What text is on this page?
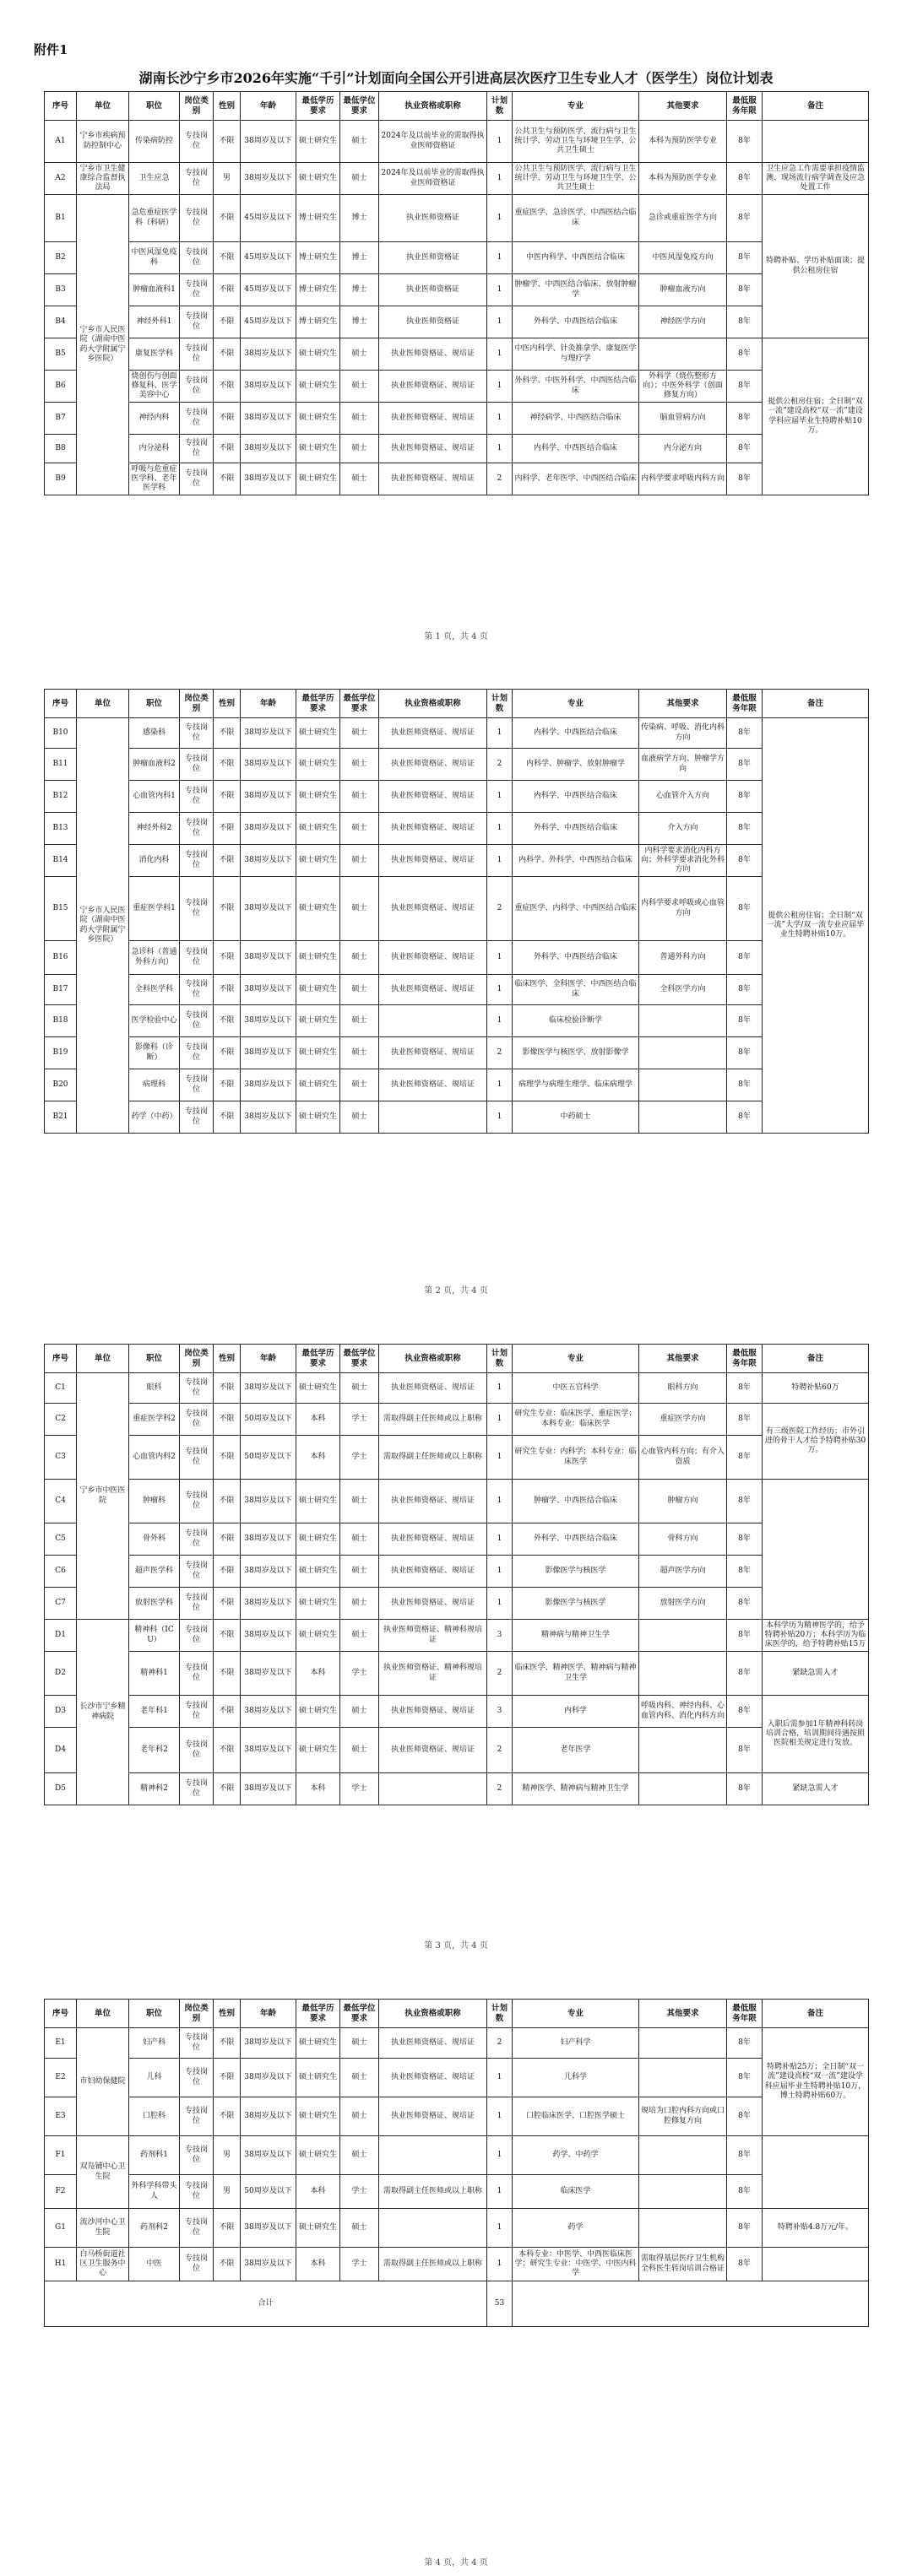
附件1
湖南长沙宁乡市2026年实施“千引”计划面向全国公开引进高层次医疗卫生专业人才（医学生）岗位计划表
序号	单位	职位	岗位类别	性别	年龄	最低学历要求	最低学位要求	执业资格或职称	计划数	专业	其他要求	最低服务年限	备注
A1	宁乡市疾病预防控制中心	传染病防控	专技岗位	不限	38周岁及以下	硕士研究生	硕士	2024年及以前毕业的需取得执业医师资格证	1	公共卫生与预防医学、流行病与卫生统计学、劳动卫生与环境卫生学、公共卫生硕士	本科为预防医学专业	8年	
A2	宁乡市卫生健康综合监督执法局	卫生应急	专技岗位	男	38周岁及以下	硕士研究生	硕士	2024年及以前毕业的需取得执业医师资格证	1	公共卫生与预防医学、流行病与卫生统计学、劳动卫生与环境卫生学、公共卫生硕士	本科为预防医学专业	8年	卫生应急工作需要承担疫情监测、现场流行病学调查及应急处置工作
B1	宁乡市人民医院（湖南中医药大学附属宁乡医院）	急危重症医学科（科研）	专技岗位	不限	45周岁及以下	博士研究生	博士	执业医师资格证	1	重症医学、急诊医学、中西医结合临床	急诊或重症医学方向	8年	特聘补贴、学历补贴面谈；提供公租房住宿
B2		中医风湿免疫科	专技岗位	不限	45周岁及以下	博士研究生	博士	执业医师资格证	1	中医内科学、中西医结合临床	中医风湿免疫方向	8年	
B3		肿瘤血液科1	专技岗位	不限	45周岁及以下	博士研究生	博士	执业医师资格证	1	肿瘤学、中西医结合临床、放射肿瘤学	肿瘤血液方向	8年	
B4		神经外科1	专技岗位	不限	45周岁及以下	博士研究生	博士	执业医师资格证	1	外科学、中西医结合临床	神经医学方向	8年	
B5		康复医学科	专技岗位	不限	38周岁及以下	硕士研究生	硕士	执业医师资格证、规培证	1	中医内科学、针灸推拿学、康复医学与理疗学		8年	提供公租房住宿；全日制“双一流”建设高校“双一流”建设学科应届毕业生特聘补贴10万。
B6		烧创伤与创面修复科、医学美容中心	专技岗位	不限	38周岁及以下	硕士研究生	硕士	执业医师资格证、规培证	1	外科学、中医外科学、中西医结合临床	外科学（烧伤整形方向）；中医外科学（创面修复方向）	8年	
B7		神经内科	专技岗位	不限	38周岁及以下	硕士研究生	硕士	执业医师资格证、规培证	1	神经病学、中西医结合临床	脑血管病方向	8年	
B8		内分泌科	专技岗位	不限	38周岁及以下	硕士研究生	硕士	执业医师资格证、规培证	1	内科学、中西医结合临床	内分泌方向	8年	
B9		呼吸与危重症医学科、老年医学科	专技岗位	不限	38周岁及以下	硕士研究生	硕士	执业医师资格证、规培证	2	内科学、老年医学、中西医结合临床	内科学要求呼吸内科方向	8年	
第 1 页，共 4 页
序号	单位	职位	岗位类别	性别	年龄	最低学历要求	最低学位要求	执业资格或职称	计划数	专业	其他要求	最低服务年限	备注
B10	宁乡市人民医院（湖南中医药大学附属宁乡医院）	感染科	专技岗位	不限	38周岁及以下	硕士研究生	硕士	执业医师资格证、规培证	1	内科学、中西医结合临床	传染病、呼吸、消化内科方向	8年	提供公租房住宿；全日制“双一流”大学/双一流专业应届毕业生特聘补贴10万。
B11		肿瘤血液科2	专技岗位	不限	38周岁及以下	硕士研究生	硕士	执业医师资格证、规培证	2	内科学、肿瘤学、放射肿瘤学	血液病学方向、肿瘤学方向	8年	
B12		心血管内科1	专技岗位	不限	38周岁及以下	硕士研究生	硕士	执业医师资格证、规培证	1	内科学、中西医结合临床	心血管介入方向	8年	
B13		神经外科2	专技岗位	不限	38周岁及以下	硕士研究生	硕士	执业医师资格证、规培证	1	外科学、中西医结合临床	介入方向	8年	
B14		消化内科	专技岗位	不限	38周岁及以下	硕士研究生	硕士	执业医师资格证、规培证	1	内科学、外科学、中西医结合临床	内科学要求消化内科方向；外科学要求消化外科方向	8年	
B15		重症医学科1	专技岗位	不限	38周岁及以下	硕士研究生	硕士	执业医师资格证、规培证	2	重症医学、内科学、中西医结合临床	内科学要求呼吸或心血管方向	8年	
B16		急诊科（普通外科方向）	专技岗位	不限	38周岁及以下	硕士研究生	硕士	执业医师资格证、规培证	1	外科学、中西医结合临床	普通外科方向	8年	
B17		全科医学科	专技岗位	不限	38周岁及以下	硕士研究生	硕士	执业医师资格证、规培证	1	临床医学、全科医学、中西医结合临床	全科医学方向	8年	
B18		医学检验中心	专技岗位	不限	38周岁及以下	硕士研究生	硕士		1	临床检验诊断学		8年	
B19		影像科（诊断）	专技岗位	不限	38周岁及以下	硕士研究生	硕士	执业医师资格证、规培证	2	影像医学与核医学、放射影像学		8年	
B20		病理科	专技岗位	不限	38周岁及以下	硕士研究生	硕士	执业医师资格证、规培证	1	病理学与病理生理学、临床病理学		8年	
B21		药学（中药）	专技岗位	不限	38周岁及以下	硕士研究生	硕士		1	中药硕士		8年	
第 2 页，共 4 页
序号	单位	职位	岗位类别	性别	年龄	最低学历要求	最低学位要求	执业资格或职称	计划数	专业	其他要求	最低服务年限	备注
C1	宁乡市中医医院	眼科	专技岗位	不限	38周岁及以下	硕士研究生	硕士	执业医师资格证、规培证	1	中医五官科学	眼科方向	8年	特聘补贴60万
C2		重症医学科2	专技岗位	不限	50周岁及以下	本科	学士	需取得副主任医师或以上职称	1	研究生专业：临床医学、重症医学；本科专业：临床医学	重症医学方向	8年	有三级医院工作经历；市外引进的骨干人才给予特聘补贴30万。
C3		心血管内科2	专技岗位	不限	50周岁及以下	本科	学士	需取得副主任医师或以上职称	1	研究生专业：内科学；本科专业：临床医学	心血管内科方向；有介入资质	8年	
C4		肿瘤科	专技岗位	不限	38周岁及以下	硕士研究生	硕士	执业医师资格证、规培证	1	肿瘤学、中西医结合临床	肿瘤方向	8年	
C5		骨外科	专技岗位	不限	38周岁及以下	硕士研究生	硕士	执业医师资格证、规培证	1	外科学、中西医结合临床	骨科方向	8年	
C6		超声医学科	专技岗位	不限	38周岁及以下	硕士研究生	硕士	执业医师资格证、规培证	1	影像医学与核医学	超声医学方向	8年	
C7		放射医学科	专技岗位	不限	38周岁及以下	硕士研究生	硕士	执业医师资格证、规培证	1	影像医学与核医学	放射医学方向	8年	
D1	长沙市宁乡精神病院	精神科（ICU）	专技岗位	不限	38周岁及以下	硕士研究生	硕士	执业医师资格证、精神科规培证	3	精神病与精神卫生学		8年	本科学历为精神医学的，给予特聘补贴20万；本科学历为临床医学的，给予特聘补贴15万
D2		精神科1	专技岗位	不限	38周岁及以下	本科	学士	执业医师资格证、精神科规培证	2	临床医学、精神医学、精神病与精神卫生学		8年	紧缺急需人才
D3		老年科1	专技岗位	不限	38周岁及以下	硕士研究生	硕士	执业医师资格证、规培证	3	内科学	呼吸内科、神经内科、心血管内科、消化内科方向	8年	入职后需参加1年精神科转岗培训合格，培训期间待遇按照医院相关规定进行发放。
D4		老年科2	专技岗位	不限	38周岁及以下	硕士研究生	硕士	执业医师资格证、规培证	2	老年医学		8年	
D5		精神科2	专技岗位	不限	38周岁及以下	本科	学士		2	精神医学、精神病与精神卫生学		8年	紧缺急需人才
第 3 页，共 4 页
序号	单位	职位	岗位类别	性别	年龄	最低学历要求	最低学位要求	执业资格或职称	计划数	专业	其他要求	最低服务年限	备注
E1	市妇幼保健院	妇产科	专技岗位	不限	38周岁及以下	硕士研究生	硕士	执业医师资格证、规培证	2	妇产科学		8年	特聘补贴25万；全日制“双一流”建设高校“双一流”建设学科应届毕业生特聘补贴10万，博士特聘补贴60万。
E2		儿科	专技岗位	不限	38周岁及以下	硕士研究生	硕士	执业医师资格证、规培证	1	儿科学		8年	
E3		口腔科	专技岗位	不限	38周岁及以下	硕士研究生	硕士	执业医师资格证、规培证	1	口腔临床医学、口腔医学硕士	规培为口腔内科方向或口腔修复方向	8年	
F1	双凫铺中心卫生院	药剂科1	专技岗位	男	38周岁及以下	硕士研究生	硕士		1	药学、中药学		8年	
F2		外科学科带头人	专技岗位	男	50周岁及以下	本科	学士	需取得副主任医师或以上职称	1	临床医学		8年	
G1	流沙河中心卫生院	药剂科2	专技岗位	不限	38周岁及以下	硕士研究生	硕士		1	药学		8年	特聘补贴4.8万元/年。
H1	白马桥街道社区卫生服务中心	中医	专技岗位	不限	38周岁及以下	本科	学士	需取得副主任医师或以上职称	1	本科专业：中医学、中西医临床医学；研究生专业：中医学、中医内科学	需取得基层医疗卫生机构全科医生转岗培训合格证	8年	
合计									53				
第 4 页，共 4 页
